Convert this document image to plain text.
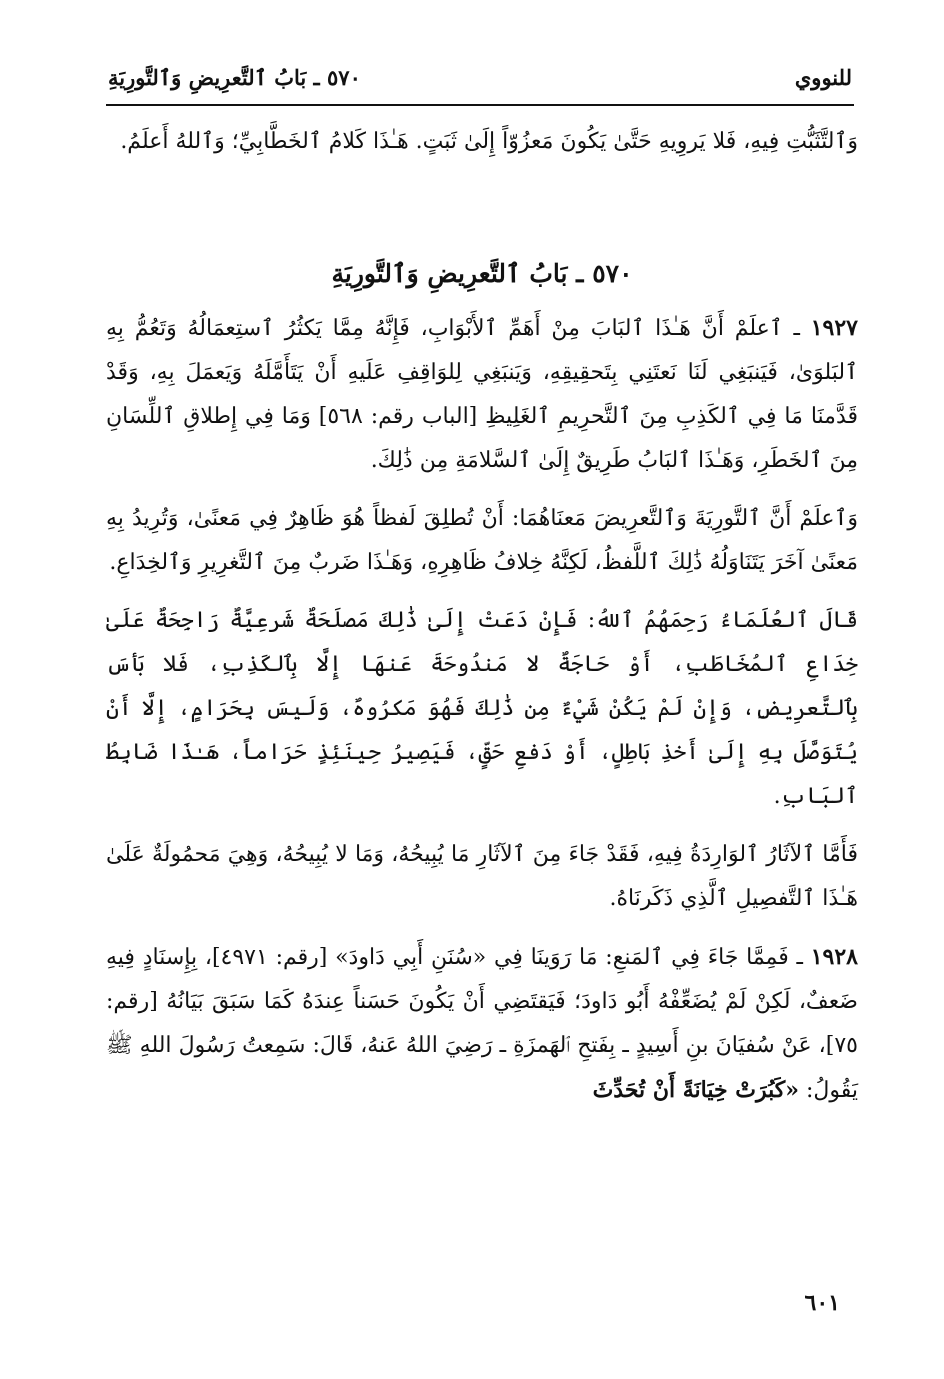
للنووي
٥٧٠ ـ بَابُ ٱلتَّعرِيضِ وَٱلتَّورِيَةِ

وَٱلتَّثَبُّتِ فِيهِ، فَلا يَروِيهِ حَتَّىٰ يَكُونَ مَعزُوّاً إِلَىٰ ثَبَتٍ. هَـٰذَا كَلامُ ٱلخَطَّابِيِّ؛ وَٱللهُ أَعلَمُ.

٥٧٠ ـ بَابُ ٱلتَّعرِيضِ وَٱلتَّورِيَةِ

١٩٢٧ ـ ٱعلَمْ أَنَّ هَـٰذَا ٱلبَابَ مِنْ أَهَمِّ ٱلأَبْوَابِ، فَإِنَّهُ مِمَّا يَكثُرُ ٱستِعمَالُهُ وَتَعُمُّ بِهِ ٱلبَلوَىٰ، فَيَنبَغِي لَنَا نَعتَنِي بِتَحقِيقِهِ، وَيَنبَغِي لِلوَاقِفِ عَلَيهِ أَنْ يَتَأَمَّلَهُ وَيَعمَلَ بِهِ، وَقَدْ قَدَّمنَا مَا فِي ٱلكَذِبِ مِنَ ٱلتَّحرِيمِ ٱلغَلِيظِ [الباب رقم: ٥٦٨] وَمَا فِي إِطلاقِ ٱللِّسَانِ مِنَ ٱلخَطَرِ، وَهَـٰذَا ٱلبَابُ طَرِيقٌ إِلَىٰ ٱلسَّلامَةِ مِن ذَٰلِكَ.

وَٱعلَمْ أَنَّ ٱلتَّورِيَةَ وَٱلتَّعرِيضَ مَعنَاهُمَا: أَنْ تُطلِقَ لَفظاً هُوَ ظَاهِرٌ فِي مَعنًىٰ، وَتُرِيدُ بِهِ مَعنًىٰ آخَرَ يَتَنَاوَلُهُ ذَٰلِكَ ٱللَّفظُ، لَكِنَّهُ خِلافُ ظَاهِرِهِ، وَهَـٰذَا ضَربٌ مِنَ ٱلتَّغرِيرِ وَٱلخِدَاعِ.

قَالَ ٱلعُلَمَاءُ رَحِمَهُمُ ٱللهُ: فَإِنْ دَعَتْ إِلَىٰ ذَٰلِكَ مَصلَحَةٌ شَرعِيَّةٌ رَاجِحَةٌ عَلَىٰ خِدَاعِ ٱلمُخَاطَبِ، أَوْ حَاجَةٌ لا مَندُوحَةَ عَنهَا إِلَّا بِٱلكَذِبِ، فَلا بَأسَ بِٱلتَّعرِيضِ، وَإِنْ لَمْ يَكُنْ شَيْءٌ مِن ذَٰلِكَ فَهُوَ مَكرُوهٌ، وَلَيسَ بِحَرَامٍ، إِلَّا أَنْ يُتَوَصَّلَ بِهِ إِلَىٰ أَخذِ بَاطِلٍ، أَوْ دَفعِ حَقٍّ، فَيَصِيرُ حِينَئِذٍ حَرَاماً، هَـٰذَا ضَابِطُ ٱلبَابِ.

فَأَمَّا ٱلآثَارُ ٱلوَارِدَةُ فِيهِ، فَقَدْ جَاءَ مِنَ ٱلآثَارِ مَا يُبِيحُهُ، وَمَا لا يُبِيحُهُ، وَهِيَ مَحمُولَةٌ عَلَىٰ هَـٰذَا ٱلتَّفصِيلِ ٱلَّذِي ذَكَرنَاهُ.

١٩٢٨ ـ فَمِمَّا جَاءَ فِي ٱلمَنعِ: مَا رَوَينَا فِي «سُنَنِ أَبِي دَاودَ» [رقم: ٤٩٧١]، بِإِسنَادٍ فِيهِ ضَعفٌ، لَكِنْ لَمْ يُضَعِّفْهُ أَبُو دَاودَ؛ فَيَقتَضِي أَنْ يَكُونَ حَسَناً عِندَهُ كَمَا سَبَقَ بَيَانُهُ [رقم: ٧٥]، عَنْ سُفيَانَ بنِ أَسِيدٍ ـ بِفَتحِ ٱلهَمزَةِ ـ رَضِيَ اللهُ عَنهُ، قَالَ: سَمِعتُ رَسُولَ اللهِ ﷺ يَقُولُ: «كَبُرَتْ خِيَانَةً أَنْ تُحَدِّثَ

٦٠١
